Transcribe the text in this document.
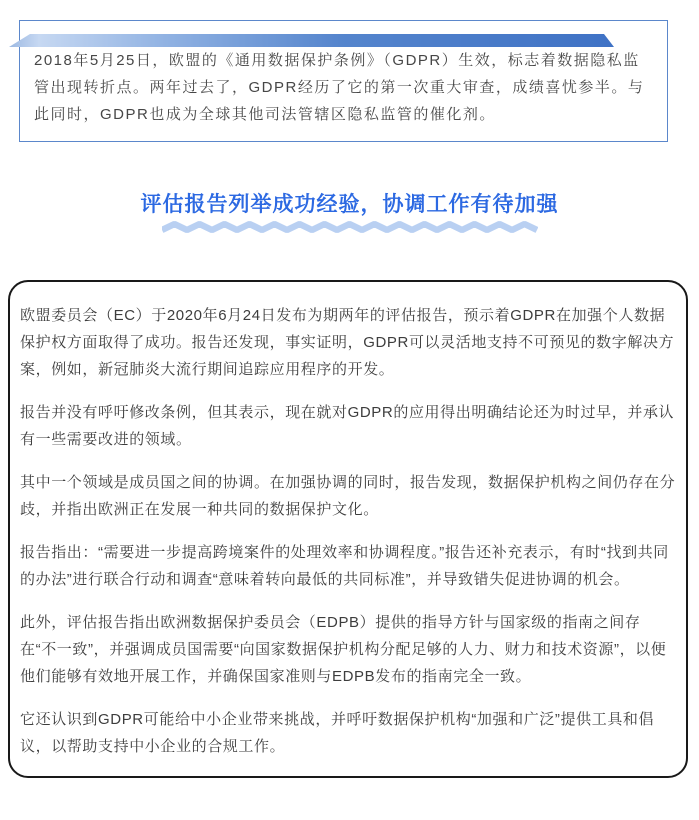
2018年5月25日，欧盟的《通用数据保护条例》（GDPR）生效，标志着数据隐私监管出现转折点。两年过去了，GDPR经历了它的第一次重大审查，成绩喜忧参半。与此同时，GDPR也成为全球其他司法管辖区隐私监管的催化剂。

评估报告列举成功经验，协调工作有待加强

欧盟委员会（EC）于2020年6月24日发布为期两年的评估报告，预示着GDPR在加强个人数据保护权方面取得了成功。报告还发现，事实证明，GDPR可以灵活地支持不可预见的数字解决方案，例如，新冠肺炎大流行期间追踪应用程序的开发。

报告并没有呼吁修改条例，但其表示，现在就对GDPR的应用得出明确结论还为时过早，并承认有一些需要改进的领域。

其中一个领域是成员国之间的协调。在加强协调的同时，报告发现，数据保护机构之间仍存在分歧，并指出欧洲正在发展一种共同的数据保护文化。

报告指出：“需要进一步提高跨境案件的处理效率和协调程度。”报告还补充表示，有时“找到共同的办法”进行联合行动和调查“意味着转向最低的共同标准”，并导致错失促进协调的机会。

此外，评估报告指出欧洲数据保护委员会（EDPB）提供的指导方针与国家级的指南之间存在“不一致”，并强调成员国需要“向国家数据保护机构分配足够的人力、财力和技术资源”，以便他们能够有效地开展工作，并确保国家准则与EDPB发布的指南完全一致。

它还认识到GDPR可能给中小企业带来挑战，并呼吁数据保护机构“加强和广泛”提供工具和倡议，以帮助支持中小企业的合规工作。
